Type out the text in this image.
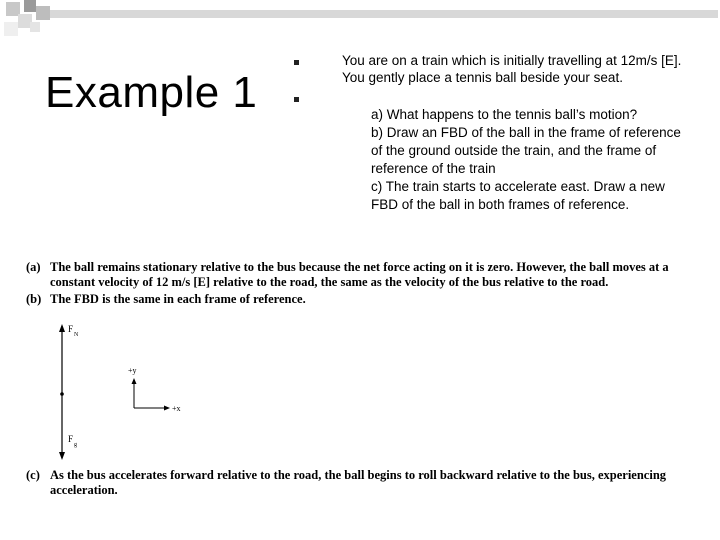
Example 1
You are on a train which is initially travelling at 12m/s [E]. You gently place a tennis ball beside your seat.
a) What happens to the tennis ball’s motion?
b) Draw an FBD of the ball in the frame of reference of the ground outside the train, and the frame of reference of the train
c) The train starts to accelerate east. Draw a new FBD of the ball in both frames of reference.
(a) The ball remains stationary relative to the bus because the net force acting on it is zero. However, the ball moves at a
constant velocity of 12 m/s [E] relative to the road, the same as the velocity of the bus relative to the road.
(b) The FBD is the same in each frame of reference.
F
N
F
g
+y
+x
(c) As the bus accelerates forward relative to the road, the ball begins to roll backward relative to the bus, experiencing
acceleration.
